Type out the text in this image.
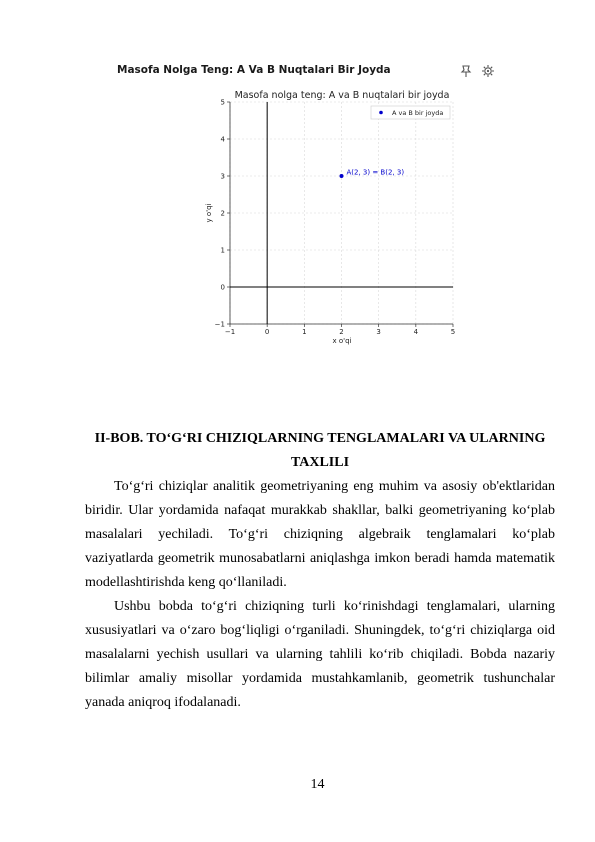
Masofa Nolga Teng: A Va B Nuqtalari Bir Joyda
−1	0	1	2	3	4	5
−1
0
1
2
3
4
5
A(2, 3) = B(2, 3)
A va B bir joyda
Masofa nolga teng: A va B nuqtalari bir joyda
x o'qi
y o'qi
II-BOB. TO‘G‘RI CHIZIQLARNING TENGLAMALARI VA ULARNING
TAXLILI
To‘g‘ri chiziqlar analitik geometriyaning eng muhim va asosiy ob'ektlaridan
biridir. Ular yordamida nafaqat murakkab shakllar, balki geometriyaning ko‘plab
masalalari yechiladi. To‘g‘ri chiziqning algebraik tenglamalari ko‘plab
vaziyatlarda geometrik munosabatlarni aniqlashga imkon beradi hamda matematik
modellashtirishda keng qo‘llaniladi.
Ushbu bobda to‘g‘ri chiziqning turli ko‘rinishdagi tenglamalari, ularning
xususiyatlari va o‘zaro bog‘liqligi o‘rganiladi. Shuningdek, to‘g‘ri chiziqlarga oid
masalalarni yechish usullari va ularning tahlili ko‘rib chiqiladi. Bobda nazariy
bilimlar amaliy misollar yordamida mustahkamlanib, geometrik tushunchalar
yanada aniqroq ifodalanadi.
14
